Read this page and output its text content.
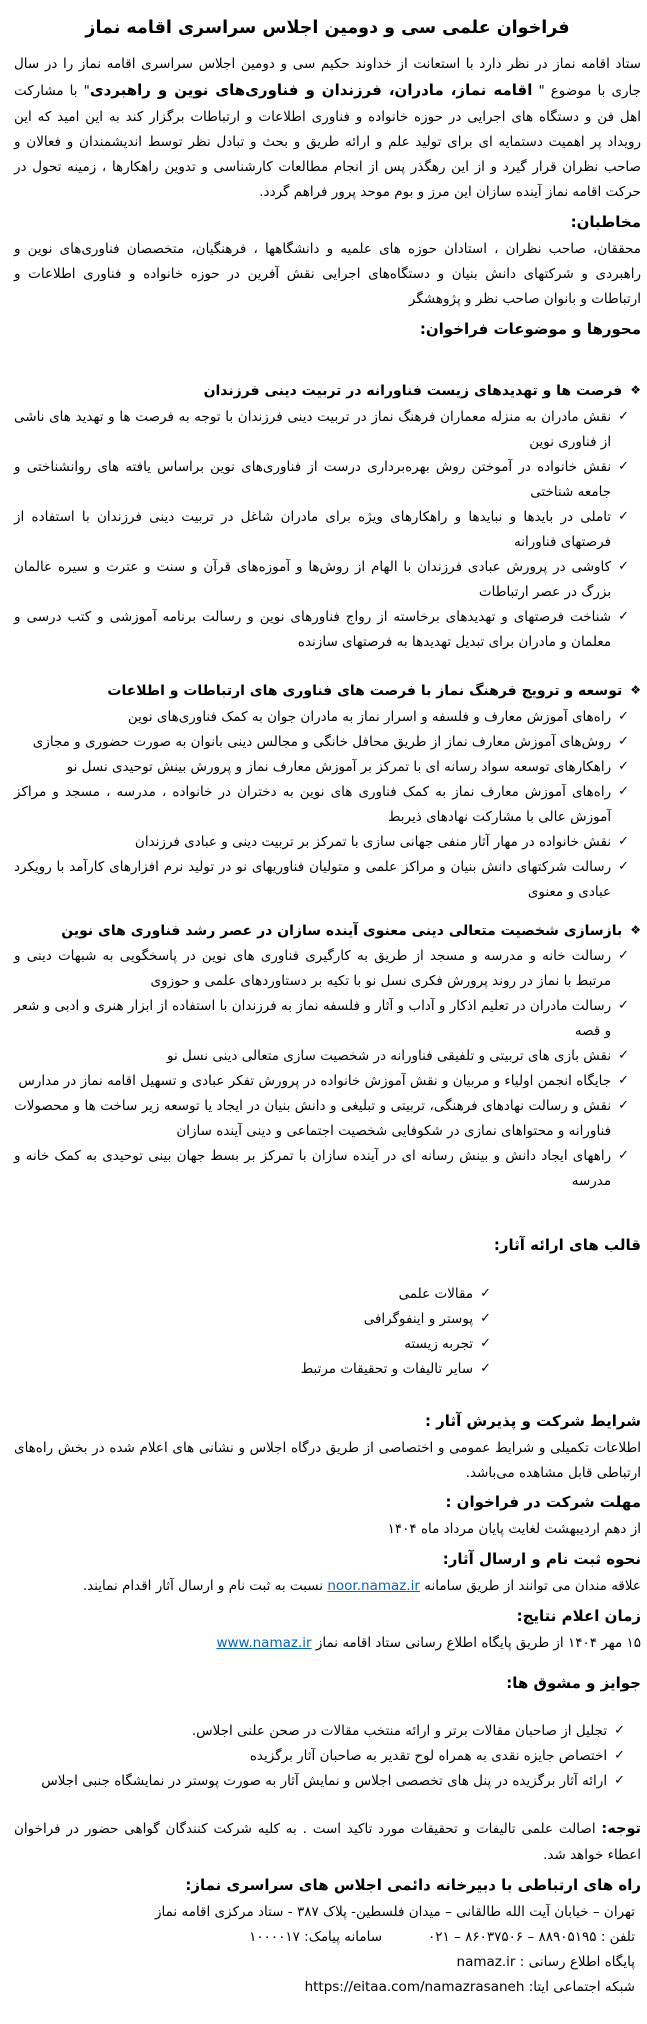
فراخوان علمی سی و دومین اجلاس سراسری اقامه نماز

ستاد اقامه نماز در نظر دارد با استعانت از خداوند حکیم سی و دومین اجلاس سراسری اقامه نماز را در سال جاری با موضوع " اقامه نماز، مادران، فرزندان و فناوری‌های نوین و راهبردی" با مشارکت اهل فن و دستگاه های اجرایی در حوزه خانواده و فناوری اطلاعات و ارتباطات برگزار کند به این امید که این رویداد پر اهمیت دستمایه ای برای تولید علم و ارائه طریق و بحث و تبادل نظر توسط اندیشمندان و فعالان و صاحب نظران قرار گیرد و از این رهگذر پس از انجام مطالعات کارشناسی و تدوین راهکارها ، زمینه تحول در حرکت اقامه نماز آینده سازان این مرز و بوم موحد پرور فراهم گردد.

مخاطبان:

محققان، صاحب نظران ، استادان حوزه های علمیه و دانشگاهها ، فرهنگیان، متخصصان فناوری‌های نوین و راهبردی و شرکتهای دانش بنیان و دستگاه‌های اجرایی نقش آفرین در حوزه خانواده و فناوری اطلاعات و ارتباطات و بانوان صاحب نظر و پژوهشگر

محورها و موضوعات فراخوان:
❖
فرصت ها و تهدیدهای زیست فناورانه در تربیت دینی فرزندان
✓
نقش مادران به منزله معماران فرهنگ نماز در تربیت دینی فرزندان با توجه به فرصت ها و تهدید های ناشی از فناوری نوین
✓
نقش خانواده در آموختن روش بهره‌برداری درست از فناوری‌های نوین براساس یافته های روانشناختی و جامعه شناختی
✓
تاملی در بایدها و نبایدها و راهکارهای ویژه برای مادران شاغل در تربیت دینی فرزندان با استفاده از فرصتهای فناورانه
✓
کاوشی در پرورش عبادی فرزندان با الهام از روش‌ها و آموزه‌های قرآن و سنت و عترت و سیره عالمان بزرگ در عصر ارتباطات
✓
شناخت فرصتهای و تهدیدهای برخاسته از رواج فناورهای نوین و رسالت برنامه آموزشی و کتب درسی و معلمان و مادران برای تبدیل تهدیدها به فرصتهای سازنده
❖
توسعه و ترویج فرهنگ نماز با فرصت های فناوری های ارتباطات و اطلاعات
✓
راه‌های آموزش معارف و فلسفه و اسرار نماز به مادران جوان به کمک فناوری‌های نوین
✓
روش‌های آموزش معارف نماز از طریق محافل خانگی و مجالس دینی بانوان به صورت حضوری و مجازی
✓
راهکارهای توسعه سواد رسانه ای با تمرکز بر آموزش معارف نماز و پرورش بینش توحیدی نسل نو
✓
راه‌های آموزش معارف نماز به کمک فناوری های نوین به دختران در خانواده ، مدرسه ، مسجد و مراکز آموزش عالی با مشارکت نهادهای ذیربط
✓
نقش خانواده در مهار آثار منفی جهانی سازی با تمرکز بر تربیت دینی و عبادی فرزندان
✓
رسالت شرکتهای دانش بنیان و مراکز علمی و متولیان فناوریهای نو در تولید نرم افزارهای کارآمد با رویکرد عبادی و معنوی
❖
بازسازی شخصیت متعالی دینی معنوی آینده سازان در عصر رشد فناوری های نوین
✓
رسالت خانه و مدرسه و مسجد از طریق به کارگیری فناوری های نوین در پاسخگویی به شبهات دینی و مرتبط با نماز در روند پرورش فکری نسل نو با تکیه بر دستاوردهای علمی و حوزوی
✓
رسالت مادران در تعلیم اذکار و آداب و آثار و فلسفه نماز به فرزندان با استفاده از ابزار هنری و ادبی و شعر و قصه
✓
نقش بازی های تربیتی و تلفیقی فناورانه در شخصیت سازی متعالی دینی نسل نو
✓
جایگاه انجمن اولیاء و مربیان و نقش آموزش خانواده در پرورش تفکر عبادی و تسهیل اقامه نماز در مدارس
✓
نقش و رسالت نهادهای فرهنگی، تربیتی و تبلیغی و دانش بنیان در ایجاد یا توسعه زیر ساخت ها و محصولات فناورانه و محتواهای نمازی در شکوفایی شخصیت اجتماعی و دینی آینده سازان
✓
راههای ایجاد دانش و بینش رسانه ای در آینده سازان با تمرکز بر بسط جهان بینی توحیدی به کمک خانه و مدرسه
قالب های ارائه آثار:
✓
مقالات علمی
✓
پوستر و اینفوگرافی
✓
تجربه زیسته
✓
سایر تالیفات و تحقیقات مرتبط
شرایط شرکت و پذیرش آثار :

اطلاعات تکمیلی و شرایط عمومی و اختصاصی از طریق درگاه اجلاس و نشانی های اعلام شده در بخش راه‌های ارتباطی قابل مشاهده می‌باشد.

مهلت شرکت در فراخوان :

از دهم اردیبهشت لغایت پایان مرداد ماه ۱۴۰۴

نحوه ثبت نام و ارسال آثار:

علاقه مندان می توانند از طریق سامانه noor.namaz.ir نسبت به ثبت نام و ارسال آثار اقدام نمایند.

زمان اعلام نتایج:

۱۵ مهر ۱۴۰۴ از طریق پایگاه اطلاع رسانی ستاد اقامه نماز www.namaz.ir

جوایز و مشوق ها:
✓
تجلیل از صاحبان مقالات برتر و ارائه منتخب مقالات در صحن علنی اجلاس.
✓
اختصاص جایزه نقدی به همراه لوح تقدیر به صاحبان آثار برگزیده
✓
ارائه آثار برگزیده در پنل های تخصصی اجلاس و نمایش آثار به صورت پوستر در نمایشگاه جنبی اجلاس

توجه: اصالت علمی تالیفات و تحقیقات مورد تاکید است . به کلیه شرکت کنندگان گواهی حضور در فراخوان اعطاء خواهد شد.

راه های ارتباطی با دبیرخانه دائمی اجلاس های سراسری نماز:

تهران – خیابان آیت الله طالقانی – میدان فلسطین- پلاک ۳۸۷ - ستاد مرکزی اقامه نماز

تلفن : ۸۸۹۰۵۱۹۵ – ۸۶۰۳۷۵۰۶ – ۰۲۱
سامانه پیامک: ۱۰۰۰۰۱۷

پایگاه اطلاع رسانی : namaz.ir

شبکه اجتماعی ایتا: https://eitaa.com/namazrasaneh
